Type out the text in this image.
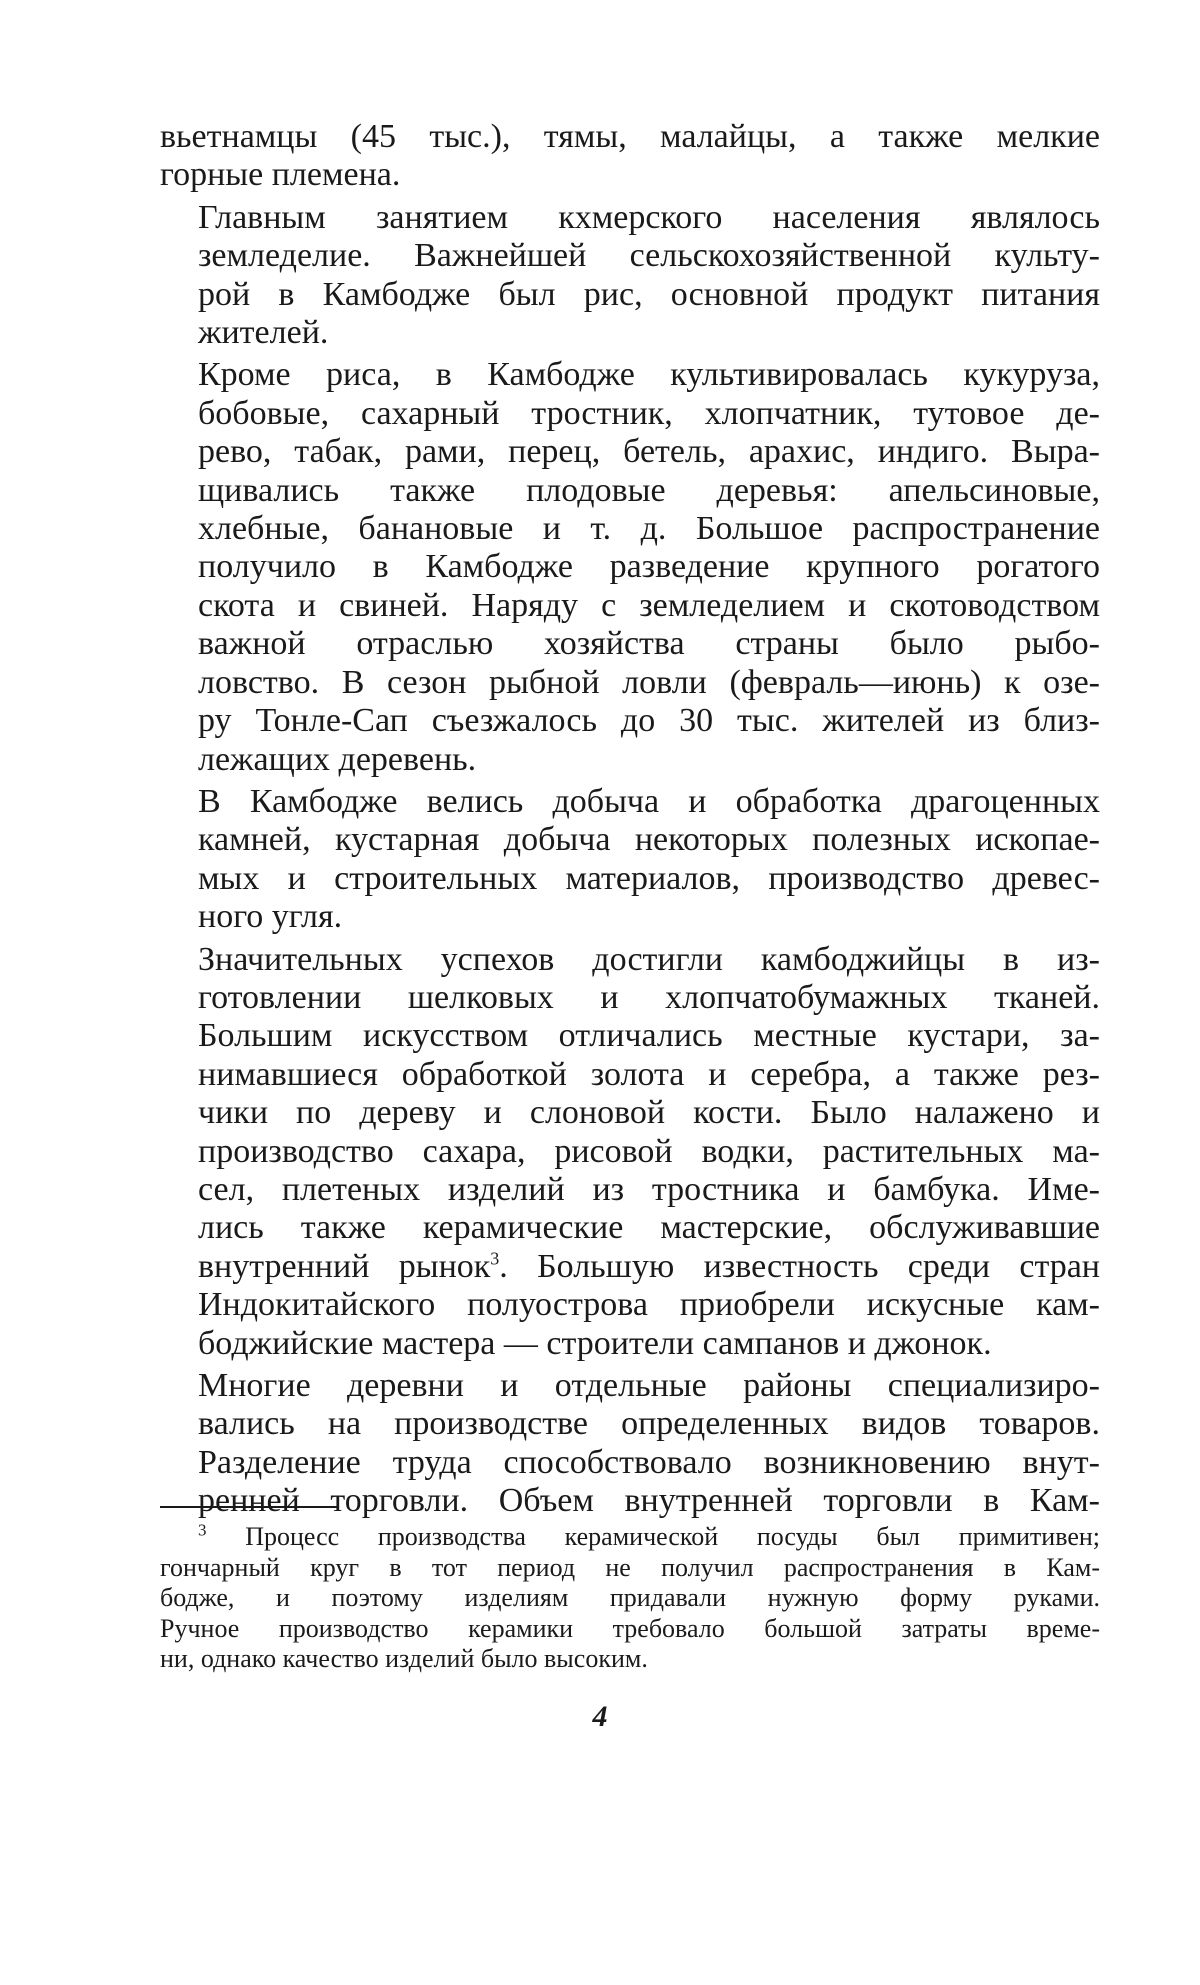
вьетнамцы (45 тыс.), тямы, малайцы, а также мелкие
горные племена.

Главным занятием кхмерского населения являлось
земледелие. Важнейшей сельскохозяйственной культу-
рой в Камбодже был рис, основной продукт питания
жителей.

Кроме риса, в Камбодже культивировалась кукуруза,
бобовые, сахарный тростник, хлопчатник, тутовое де-
рево, табак, рами, перец, бетель, арахис, индиго. Выра-
щивались также плодовые деревья: апельсиновые,
хлебные, банановые и т. д. Большое распространение
получило в Камбодже разведение крупного рогатого
скота и свиней. Наряду с земледелием и скотоводством
важной отраслью хозяйства страны было рыбо-
ловство. В сезон рыбной ловли (февраль—июнь) к озе-
ру Тонле-Сап съезжалось до 30 тыс. жителей из близ-
лежащих деревень.

В Камбодже велись добыча и обработка драгоценных
камней, кустарная добыча некоторых полезных ископае-
мых и строительных материалов, производство древес-
ного угля.

Значительных успехов достигли камбоджийцы в из-
готовлении шелковых и хлопчатобумажных тканей.
Большим искусством отличались местные кустари, за-
нимавшиеся обработкой золота и серебра, а также рез-
чики по дереву и слоновой кости. Было налажено и
производство сахара, рисовой водки, растительных ма-
сел, плетеных изделий из тростника и бамбука. Име-
лись также керамические мастерские, обслуживавшие
внутренний рынок$^3$. Большую известность среди стран
Индокитайского полуострова приобрели искусные кам-
боджийские мастера — строители сампанов и джонок.

Многие деревни и отдельные районы специализиро-
вались на производстве определенных видов товаров.
Разделение труда способствовало возникновению внут-
ренней торговли. Объем внутренней торговли в Кам-

$^3$ Процесс производства керамической посуды был примитивен;
гончарный круг в тот период не получил распространения в Кам-
бодже, и поэтому изделиям придавали нужную форму руками.
Ручное производство керамики требовало большой затраты време-
ни, однако качество изделий было высоким.
4
